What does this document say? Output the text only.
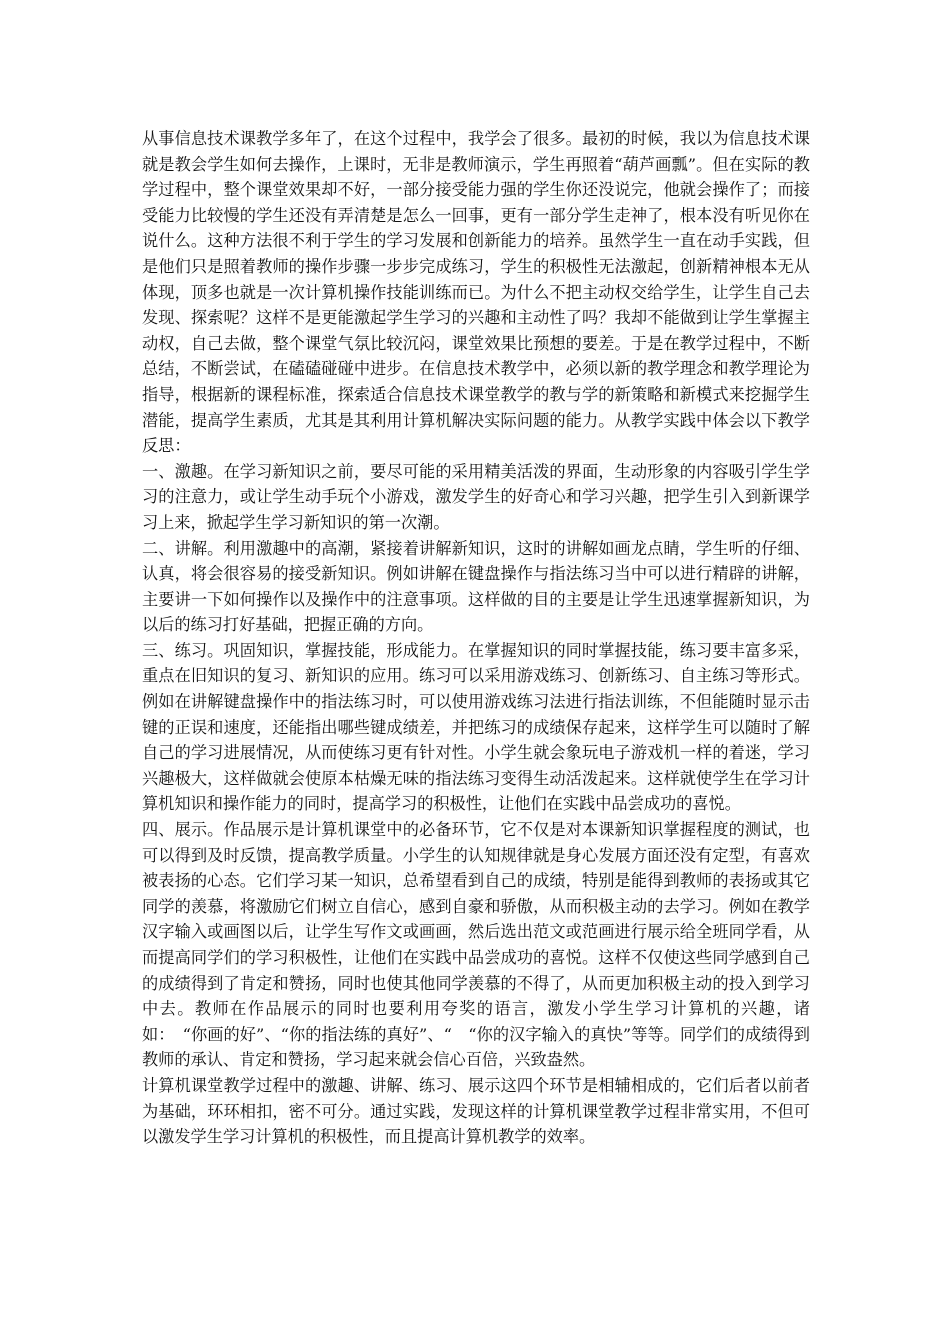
从事信息技术课教学多年了，在这个过程中，我学会了很多。最初的时候，我以为信息技术课就是教会学生如何去操作，上课时，无非是教师演示，学生再照着“葫芦画瓢”。但在实际的教学过程中，整个课堂效果却不好，一部分接受能力强的学生你还没说完，他就会操作了；而接受能力比较慢的学生还没有弄清楚是怎么一回事，更有一部分学生走神了，根本没有听见你在说什么。这种方法很不利于学生的学习发展和创新能力的培养。虽然学生一直在动手实践，但是他们只是照着教师的操作步骤一步步完成练习，学生的积极性无法激起，创新精神根本无从体现，顶多也就是一次计算机操作技能训练而已。为什么不把主动权交给学生，让学生自己去发现、探索呢？这样不是更能激起学生学习的兴趣和主动性了吗？我却不能做到让学生掌握主动权，自己去做，整个课堂气氛比较沉闷，课堂效果比预想的要差。于是在教学过程中，不断总结，不断尝试，在磕磕碰碰中进步。在信息技术教学中，必须以新的教学理念和教学理论为指导，根据新的课程标准，探索适合信息技术课堂教学的教与学的新策略和新模式来挖掘学生潜能，提高学生素质，尤其是其利用计算机解决实际问题的能力。从教学实践中体会以下教学反思：

一、激趣。在学习新知识之前，要尽可能的采用精美活泼的界面，生动形象的内容吸引学生学习的注意力，或让学生动手玩个小游戏，激发学生的好奇心和学习兴趣，把学生引入到新课学习上来，掀起学生学习新知识的第一次潮。

二、讲解。利用激趣中的高潮，紧接着讲解新知识，这时的讲解如画龙点睛，学生听的仔细、认真，将会很容易的接受新知识。例如讲解在键盘操作与指法练习当中可以进行精辟的讲解，主要讲一下如何操作以及操作中的注意事项。这样做的目的主要是让学生迅速掌握新知识，为以后的练习打好基础，把握正确的方向。

三、练习。巩固知识，掌握技能，形成能力。在掌握知识的同时掌握技能，练习要丰富多采，重点在旧知识的复习、新知识的应用。练习可以采用游戏练习、创新练习、自主练习等形式。例如在讲解键盘操作中的指法练习时，可以使用游戏练习法进行指法训练，不但能随时显示击键的正误和速度，还能指出哪些键成绩差，并把练习的成绩保存起来，这样学生可以随时了解自己的学习进展情况，从而使练习更有针对性。小学生就会象玩电子游戏机一样的着迷，学习兴趣极大，这样做就会使原本枯燥无味的指法练习变得生动活泼起来。这样就使学生在学习计算机知识和操作能力的同时，提高学习的积极性，让他们在实践中品尝成功的喜悦。

四、展示。作品展示是计算机课堂中的必备环节，它不仅是对本课新知识掌握程度的测试，也可以得到及时反馈，提高教学质量。小学生的认知规律就是身心发展方面还没有定型，有喜欢被表扬的心态。它们学习某一知识，总希望看到自己的成绩，特别是能得到教师的表扬或其它同学的羡慕，将激励它们树立自信心，感到自豪和骄傲，从而积极主动的去学习。例如在教学汉字输入或画图以后，让学生写作文或画画，然后选出范文或范画进行展示给全班同学看，从而提高同学们的学习积极性，让他们在实践中品尝成功的喜悦。这样不仅使这些同学感到自己的成绩得到了肯定和赞扬，同时也使其他同学羡慕的不得了，从而更加积极主动的投入到学习中去。教师在作品展示的同时也要利用夸奖的语言，激发小学生学习计算机的兴趣，诸如：　“你画的好”、“你的指法练的真好”、“　“你的汉字输入的真快”等等。同学们的成绩得到教师的承认、肯定和赞扬，学习起来就会信心百倍，兴致盎然。

计算机课堂教学过程中的激趣、讲解、练习、展示这四个环节是相辅相成的，它们后者以前者为基础，环环相扣，密不可分。通过实践，发现这样的计算机课堂教学过程非常实用，不但可以激发学生学习计算机的积极性，而且提高计算机教学的效率。
